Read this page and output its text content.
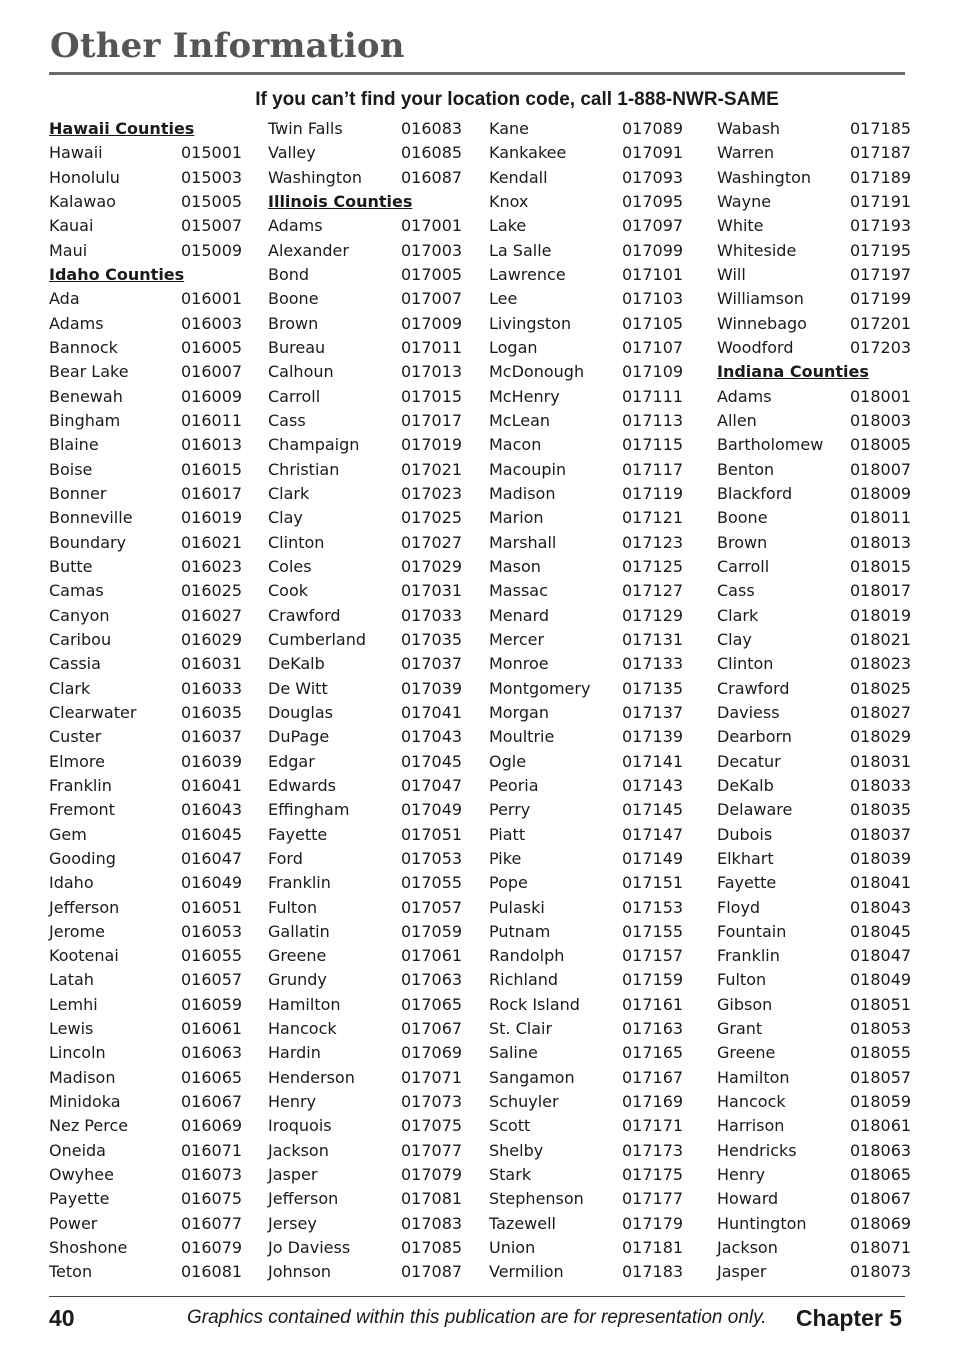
Other Information
If you can’t find your location code, call 1-888-NWR-SAME
Hawaii Counties
Hawaii	015001
Honolulu	015003
Kalawao	015005
Kauai	015007
Maui	015009
Idaho Counties
Ada	016001
Adams	016003
Bannock	016005
Bear Lake	016007
Benewah	016009
Bingham	016011
Blaine	016013
Boise	016015
Bonner	016017
Bonneville	016019
Boundary	016021
Butte	016023
Camas	016025
Canyon	016027
Caribou	016029
Cassia	016031
Clark	016033
Clearwater	016035
Custer	016037
Elmore	016039
Franklin	016041
Fremont	016043
Gem	016045
Gooding	016047
Idaho	016049
Jefferson	016051
Jerome	016053
Kootenai	016055
Latah	016057
Lemhi	016059
Lewis	016061
Lincoln	016063
Madison	016065
Minidoka	016067
Nez Perce	016069
Oneida	016071
Owyhee	016073
Payette	016075
Power	016077
Shoshone	016079
Teton	016081
Twin Falls	016083
Valley	016085
Washington 016087
Illinois Counties
Adams	017001
Alexander	017003
Bond	017005
Boone	017007
Brown	017009
Bureau	017011
Calhoun	017013
Carroll	017015
Cass	017017
Champaign	017019
Christian	017021
Clark	017023
Clay	017025
Clinton	017027
Coles	017029
Cook	017031
Crawford	017033
Cumberland 017035
DeKalb	017037
De Witt	017039
Douglas	017041
DuPage	017043
Edgar	017045
Edwards	017047
Effingham	017049
Fayette	017051
Ford	017053
Franklin	017055
Fulton	017057
Gallatin	017059
Greene	017061
Grundy	017063
Hamilton	017065
Hancock	017067
Hardin	017069
Henderson	017071
Henry	017073
Iroquois	017075
Jackson	017077
Jasper	017079
Jefferson	017081
Jersey	017083
Jo Daviess	017085
Johnson	017087
Kane	017089
Kankakee	017091
Kendall	017093
Knox	017095
Lake	017097
La Salle	017099
Lawrence	017101
Lee	017103
Livingston	017105
Logan	017107
McDonough 017109
McHenry	017111
McLean	017113
Macon	017115
Macoupin	017117
Madison	017119
Marion	017121
Marshall	017123
Mason	017125
Massac	017127
Menard	017129
Mercer	017131
Monroe	017133
Montgomery 017135
Morgan	017137
Moultrie	017139
Ogle	017141
Peoria	017143
Perry	017145
Piatt	017147
Pike	017149
Pope	017151
Pulaski	017153
Putnam	017155
Randolph	017157
Richland	017159
Rock Island	017161
St. Clair	017163
Saline	017165
Sangamon	017167
Schuyler	017169
Scott	017171
Shelby	017173
Stark	017175
Stephenson 017177
Tazewell	017179
Union	017181
Vermilion	017183
Wabash	017185
Warren	017187
Washington 017189
Wayne	017191
White	017193
Whiteside	017195
Will	017197
Williamson	017199
Winnebago	017201
Woodford	017203
Indiana Counties
Adams	018001
Allen	018003
Bartholomew 018005
Benton	018007
Blackford	018009
Boone	018011
Brown	018013
Carroll	018015
Cass	018017
Clark	018019
Clay	018021
Clinton	018023
Crawford	018025
Daviess	018027
Dearborn	018029
Decatur	018031
DeKalb	018033
Delaware	018035
Dubois	018037
Elkhart	018039
Fayette	018041
Floyd	018043
Fountain	018045
Franklin	018047
Fulton	018049
Gibson	018051
Grant	018053
Greene	018055
Hamilton	018057
Hancock	018059
Harrison	018061
Hendricks	018063
Henry	018065
Howard	018067
Huntington	018069
Jackson	018071
Jasper	018073
40	Graphics contained within this publication are for representation only. Chapter 5
